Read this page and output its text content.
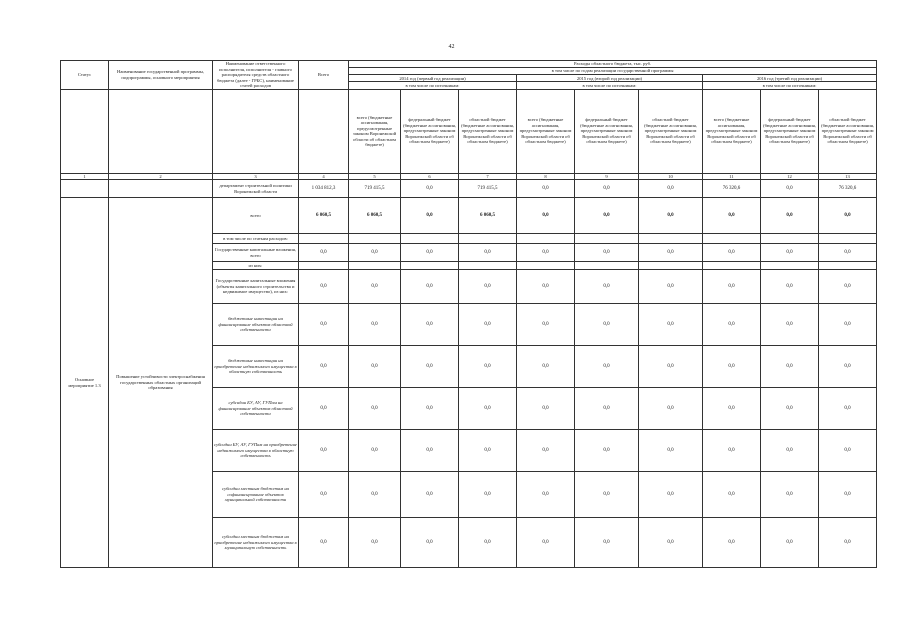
42
Статус	Наименование государственной программы, подпрограммы, основного мероприятия	Наименование ответственного исполнителя, исполнителя - главного распорядителя средств областного бюджета (далее - ГРБС), наименование статей расходов	Всего	Расходы областного бюджета, тыс. руб.								
				в том числе по годам реализации государственной программы								
				2014 год (первый год реализации)			2015 год (второй год реализации)			2016 год (третий год реализации)		
				в том числе по источникам:			в том числе по источникам:			в том числе по источникам:		
				всего (бюджетные ассигнования, предусмотренные законом Воронежской области об областном бюджете)	федеральный бюджет (бюджетные ассигнования, предусмотренные законом Воронежской области об областном бюджете)	областной бюджет (бюджетные ассигнования, предусмотренные законом Воронежской области об областном бюджете)	всего (бюджетные ассигнования, предусмотренные законом Воронежской области об областном бюджете)	федеральный бюджет (бюджетные ассигнования, предусмотренные законом Воронежской области об областном бюджете)	областной бюджет (бюджетные ассигнования, предусмотренные законом Воронежской области об областном бюджете)	всего (бюджетные ассигнования, предусмотренные законом Воронежской области об областном бюджете)	федеральный бюджет (бюджетные ассигнования, предусмотренные законом Воронежской области об областном бюджете)	областной бюджет (бюджетные ассигнования, предусмотренные законом Воронежской области об областном бюджете)
1	2	3	4	5	6	7	8	9	10	11	12	13
		департамент строительной политики Воронежской области	1 034 812,3	719 415,5	0,0	719 415,5	0,0	0,0	0,0	76 320,6	0,0	76 320,6
Основное мероприятие 1.3	Повышение устойчивости электроснабжения государственных областных организаций образования	всего	6 060,5	6 060,5	0,0	6 060,5	0,0	0,0	0,0	0,0	0,0	0,0
		в том числе по статьям расходов:										
		Государственные капитальные вложения, всего	0,0	0,0	0,0	0,0	0,0	0,0	0,0	0,0	0,0	0,0
		из них:										
		Государственные капитальные вложения (объекты капитального строительства и недвижимое имущество), из них:	0,0	0,0	0,0	0,0	0,0	0,0	0,0	0,0	0,0	0,0
		бюджетные инвестиции на финансирование объектов областной собственности	0,0	0,0	0,0	0,0	0,0	0,0	0,0	0,0	0,0	0,0
		бюджетные инвестиции на приобретение недвижимого имущества в областную собственность	0,0	0,0	0,0	0,0	0,0	0,0	0,0	0,0	0,0	0,0
		субсидии БУ, АУ, ГУПам на финансирование объектов областной собственности	0,0	0,0	0,0	0,0	0,0	0,0	0,0	0,0	0,0	0,0
		субсидии БУ, АУ, ГУПам на приобретение недвижимого имущества в областную собственность	0,0	0,0	0,0	0,0	0,0	0,0	0,0	0,0	0,0	0,0
		субсидии местным бюджетам на софинансирование объектов муниципальной собственности	0,0	0,0	0,0	0,0	0,0	0,0	0,0	0,0	0,0	0,0
		субсидии местным бюджетам на приобретение недвижимого имущества в муниципальную собственность	0,0	0,0	0,0	0,0	0,0	0,0	0,0	0,0	0,0	0,0
